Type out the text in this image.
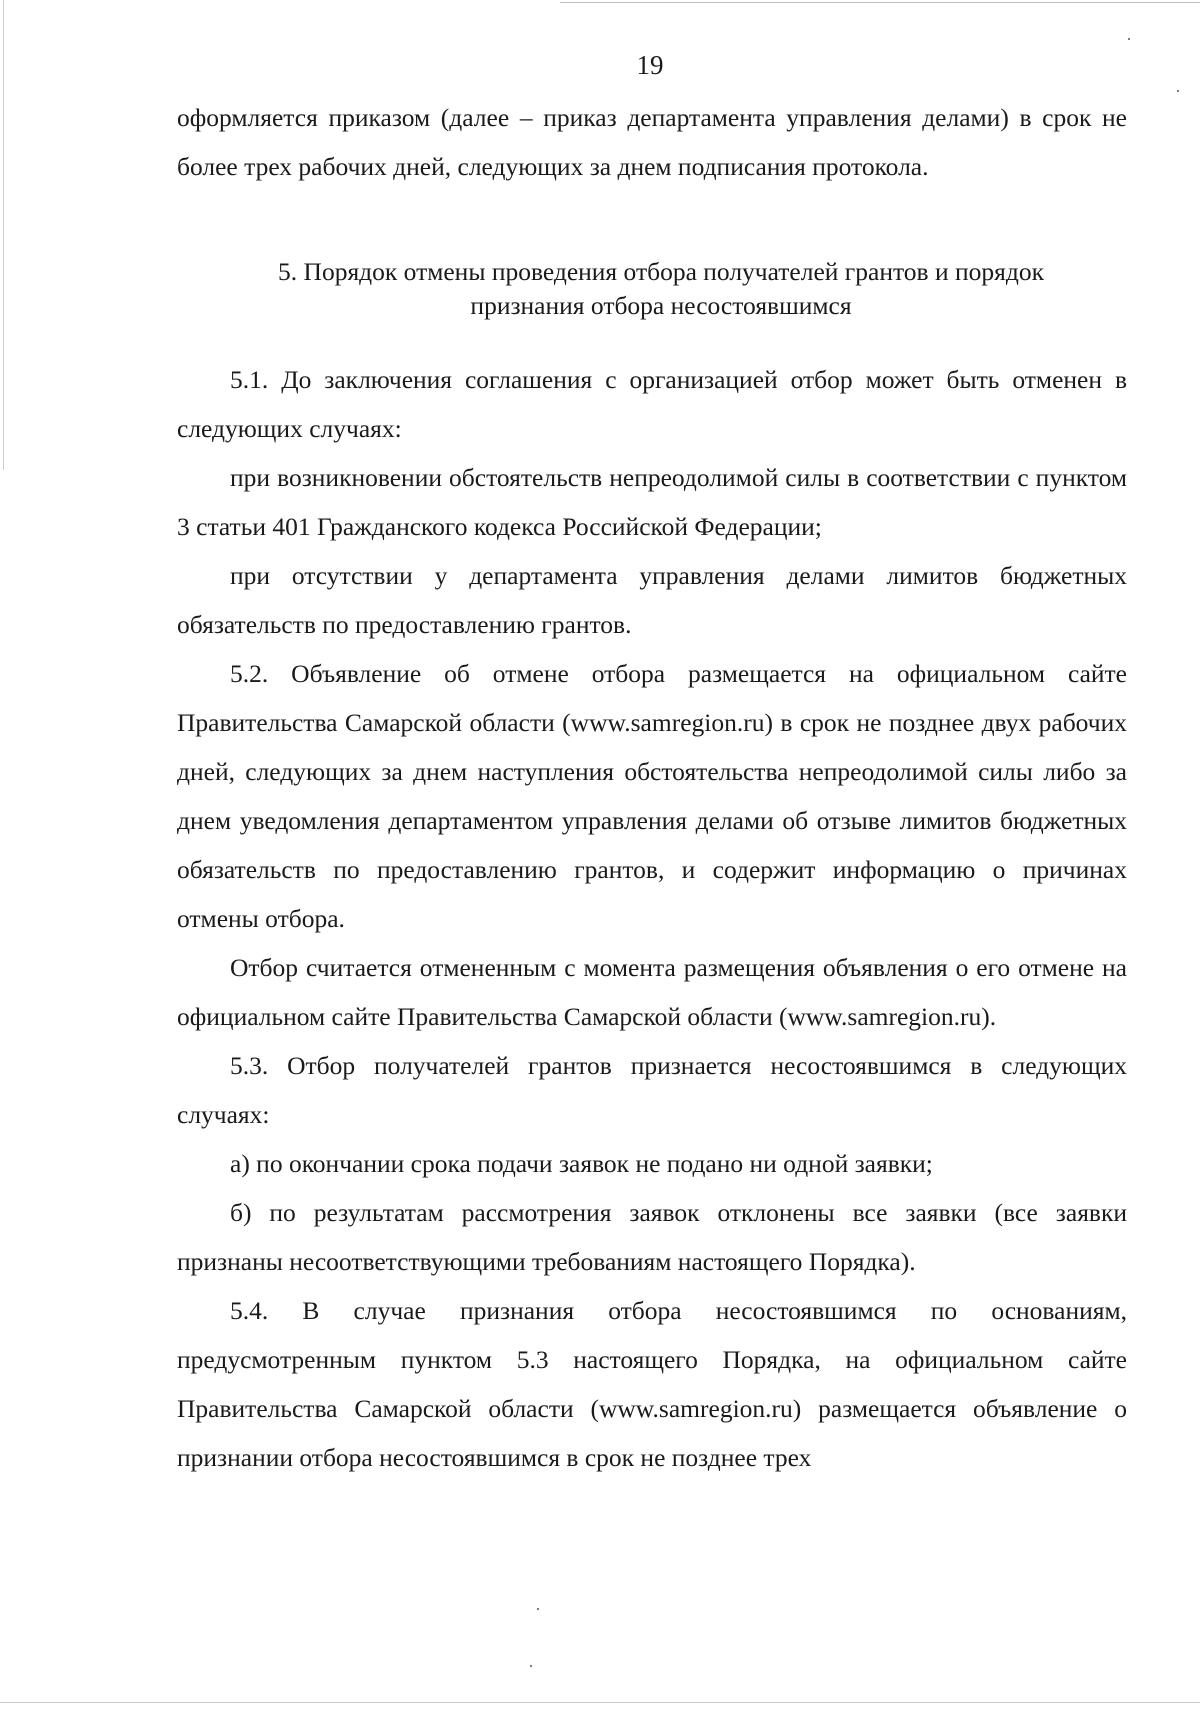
19

оформляется приказом (далее – приказ департамента управления делами) в срок не более трех рабочих дней, следующих за днем подписания протокола.

5. Порядок отмены проведения отбора получателей грантов и порядок
признания отбора несостоявшимся

5.1. До заключения соглашения с организацией отбор может быть отменен в следующих случаях:

при возникновении обстоятельств непреодолимой силы в соответствии с пунктом 3 статьи 401 Гражданского кодекса Российской Федерации;

при отсутствии у департамента управления делами лимитов бюджетных обязательств по предоставлению грантов.

5.2. Объявление об отмене отбора размещается на официальном сайте Правительства Самарской области (www.samregion.ru) в срок не позднее двух рабочих дней, следующих за днем наступления обстоятельства непреодолимой силы либо за днем уведомления департаментом управления делами об отзыве лимитов бюджетных обязательств по предоставлению грантов, и содержит информацию о причинах отмены отбора.

Отбор считается отмененным с момента размещения объявления о его отмене на официальном сайте Правительства Самарской области (www.samregion.ru).

5.3. Отбор получателей грантов признается несостоявшимся в следующих случаях:

а) по окончании срока подачи заявок не подано ни одной заявки;

б) по результатам рассмотрения заявок отклонены все заявки (все заявки признаны несоответствующими требованиям настоящего Порядка).

5.4. В случае признания отбора несостоявшимся по основаниям, предусмотренным пунктом 5.3 настоящего Порядка, на официальном сайте Правительства Самарской области (www.samregion.ru) размещается объявление о признании отбора несостоявшимся в срок не позднее трех
